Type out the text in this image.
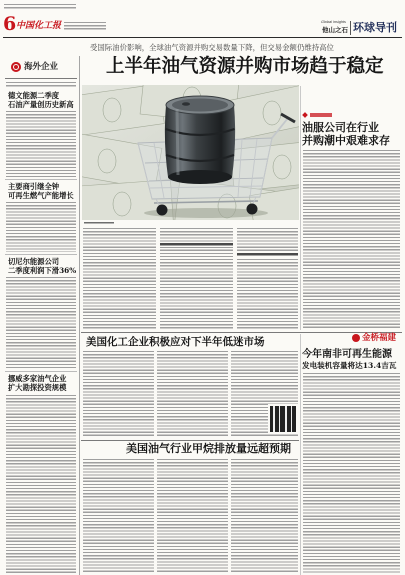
6 中国化工报	Global insights
他山之石 环球导刊
受国际油价影响，全球油气资源并购交易数量下降，但交易金额仍维持高位
上半年油气资源并购市场趋于稳定
海外企业
德文能源二季度
石油产量创历史新高
主要商引继全钟
可再生燃气产能增长
切尼尔能源公司
二季度利润下滑36%
挪威多家油气企业
扩大勘探投资规模
油服公司在行业
并购潮中艰难求存
美国化工企业积极应对下半年低迷市场	金桥福建
今年南非可再生能源
发电装机容量将达13.4吉瓦
美国油气行业甲烷排放量远超预期
